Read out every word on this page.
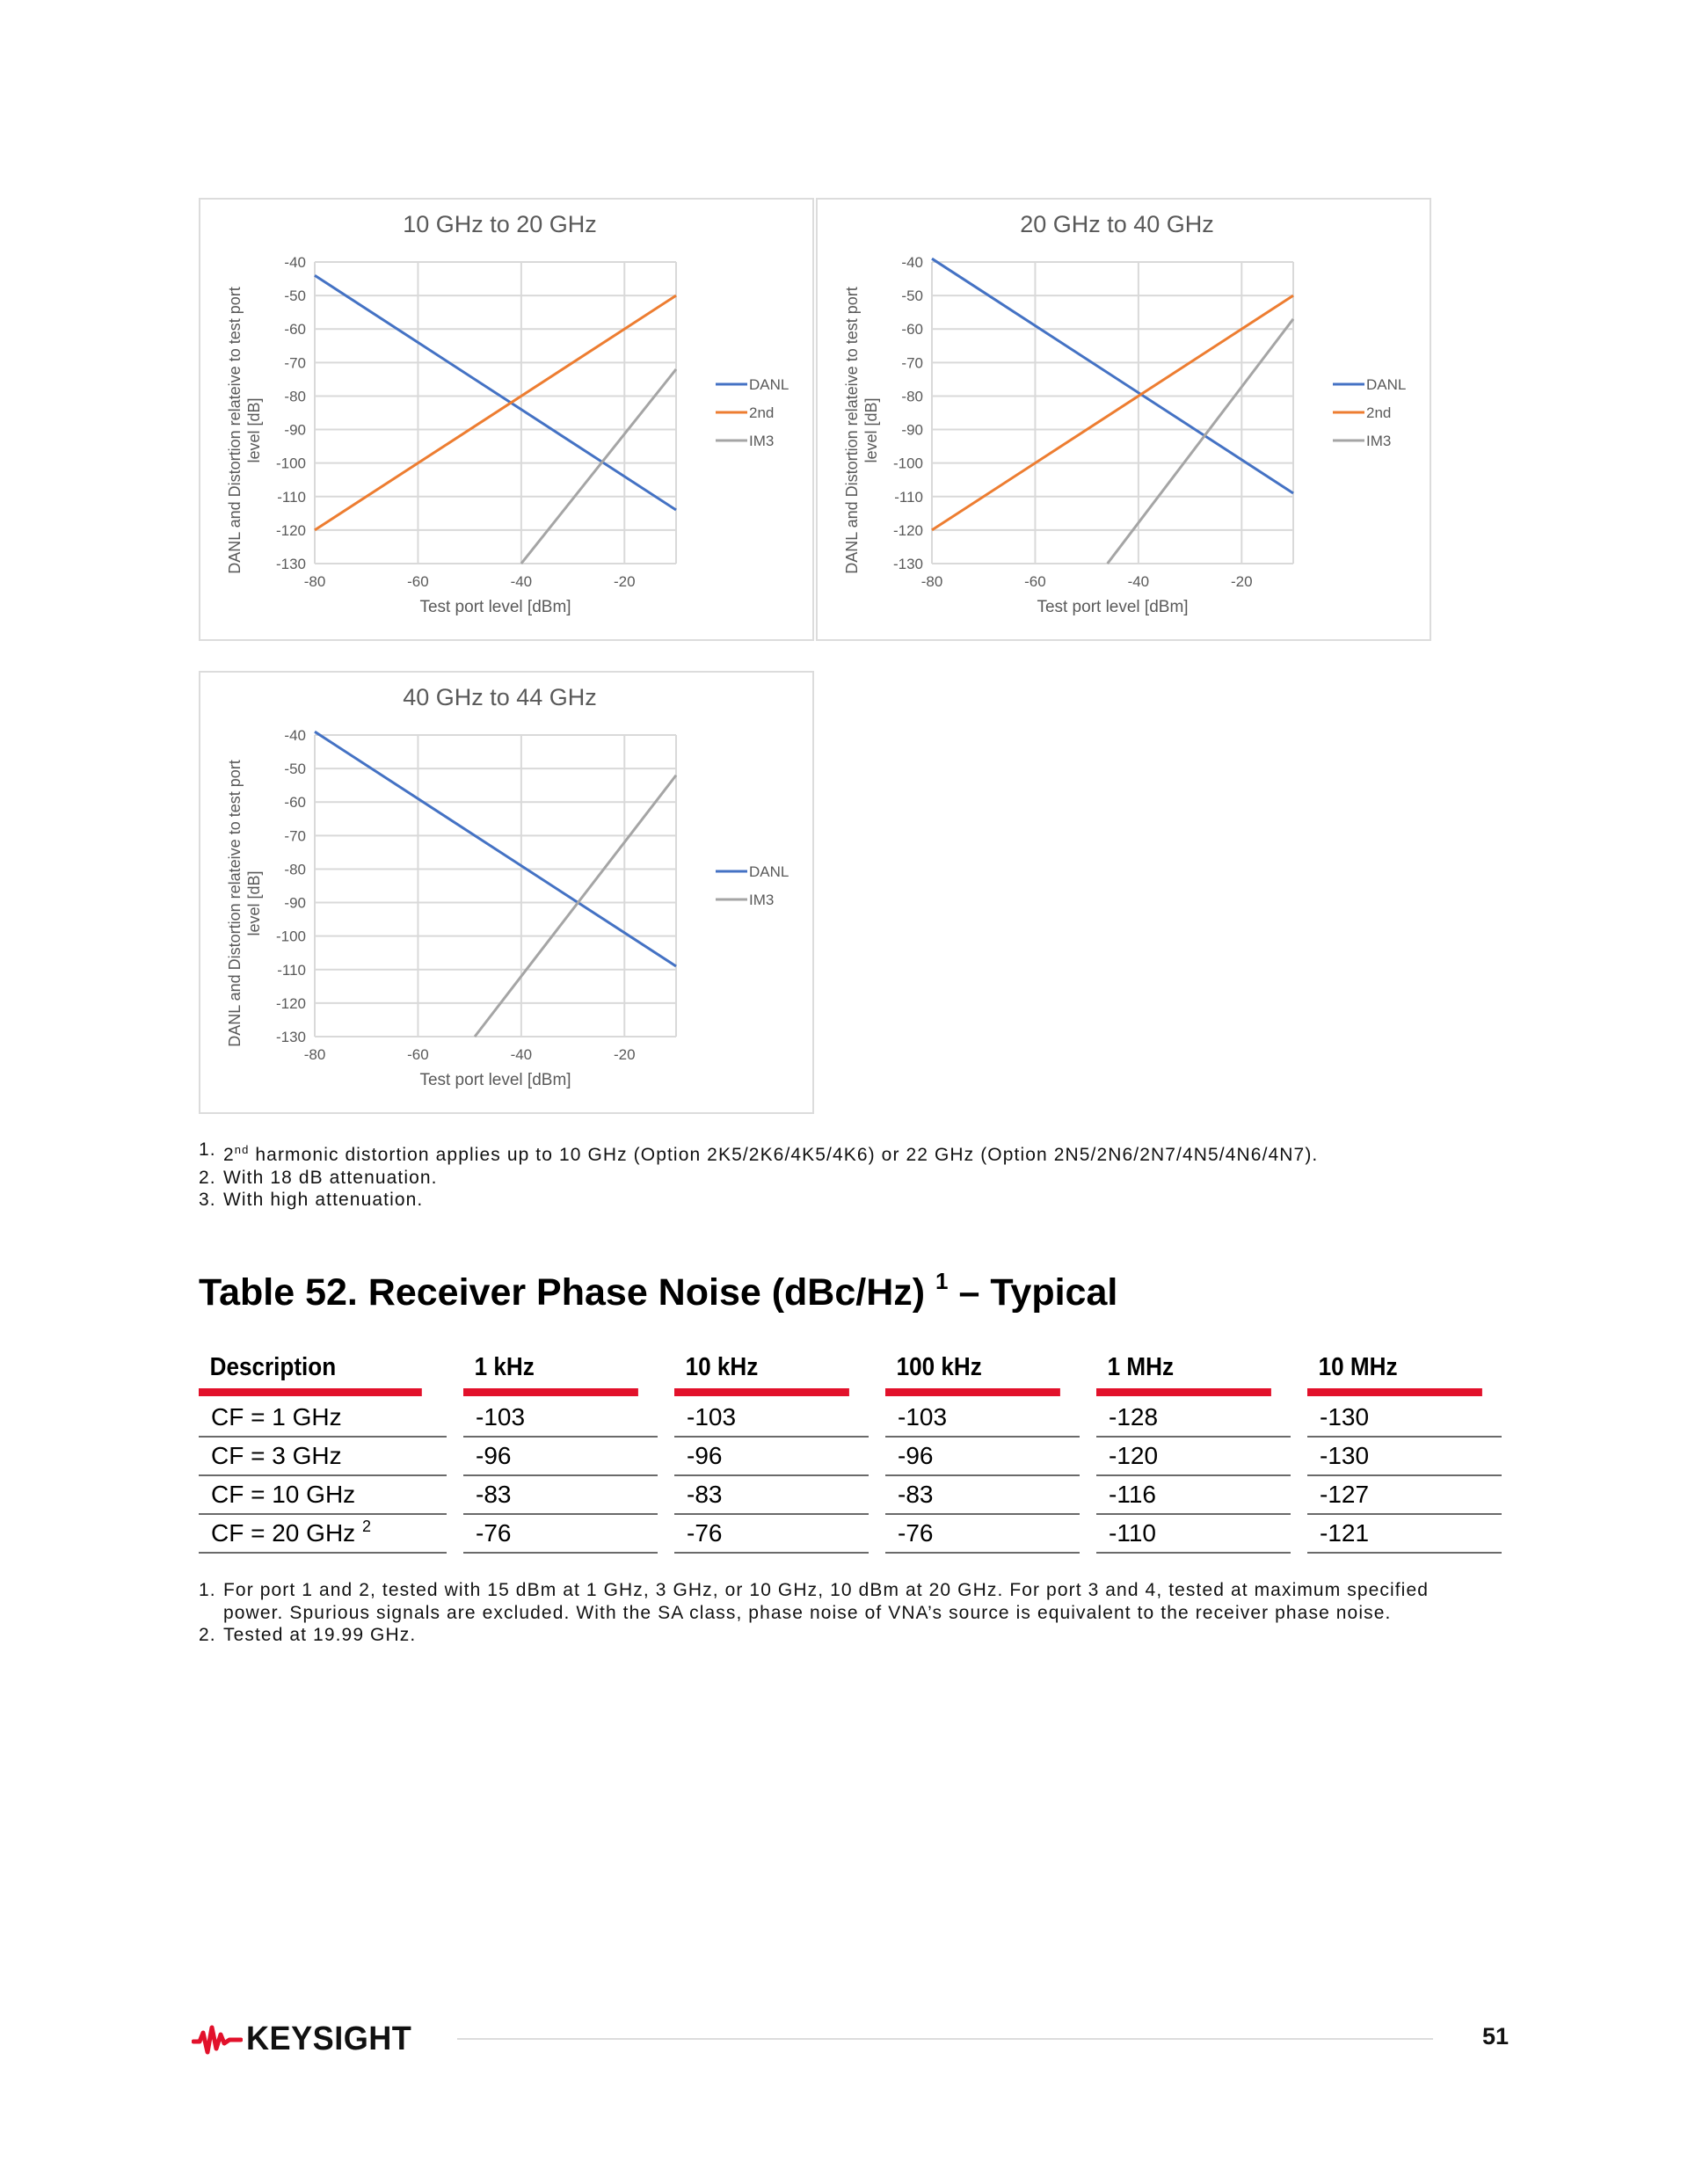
10 GHz to 20 GHz
-40
-50
-60
-70
-80
-90
-100
-110
-120
-130
-80	-60	-40	-20
Test port level [dBm]
DANL and Distortion relateive to test port level [dB]
DANL
2nd
IM3
20 GHz to 40 GHz
-40
-50
-60
-70
-80
-90
-100
-110
-120
-130
-80	-60	-40	-20
Test port level [dBm]
DANL and Distortion relateive to test port level [dB]
DANL
2nd
IM3
40 GHz to 44 GHz
-40
-50
-60
-70
-80
-90
-100
-110
-120
-130
-80	-60	-40	-20
Test port level [dBm]
DANL and Distortion relateive to test port level [dB]	DANL
IM3
1. 2nd harmonic distortion applies up to 10 GHz (Option 2K5/2K6/4K5/4K6) or 22 GHz (Option 2N5/2N6/2N7/4N5/4N6/4N7).
2. With 18 dB attenuation.
3. With high attenuation.
Table 52. Receiver Phase Noise (dBc/Hz) $^1$ – Typical
Description		1 kHz		10 kHz		100 kHz		1 MHz		10 MHz
CF = 1 GHz		-103		-103		-103		-128		-130
CF = 3 GHz		-96		-96		-96		-120		-130
CF = 10 GHz		-83		-83		-83		-116		-127
CF = 20 GHz $^2$		-76		-76		-76		-110		-121
1. For port 1 and 2, tested with 15 dBm at 1 GHz, 3 GHz, or 10 GHz, 10 dBm at 20 GHz. For port 3 and 4, tested at maximum specified power. Spurious signals are excluded. With the SA class, phase noise of VNA’s source is equivalent to the receiver phase noise.
2. Tested at 19.99 GHz.
KEYSIGHT	51
